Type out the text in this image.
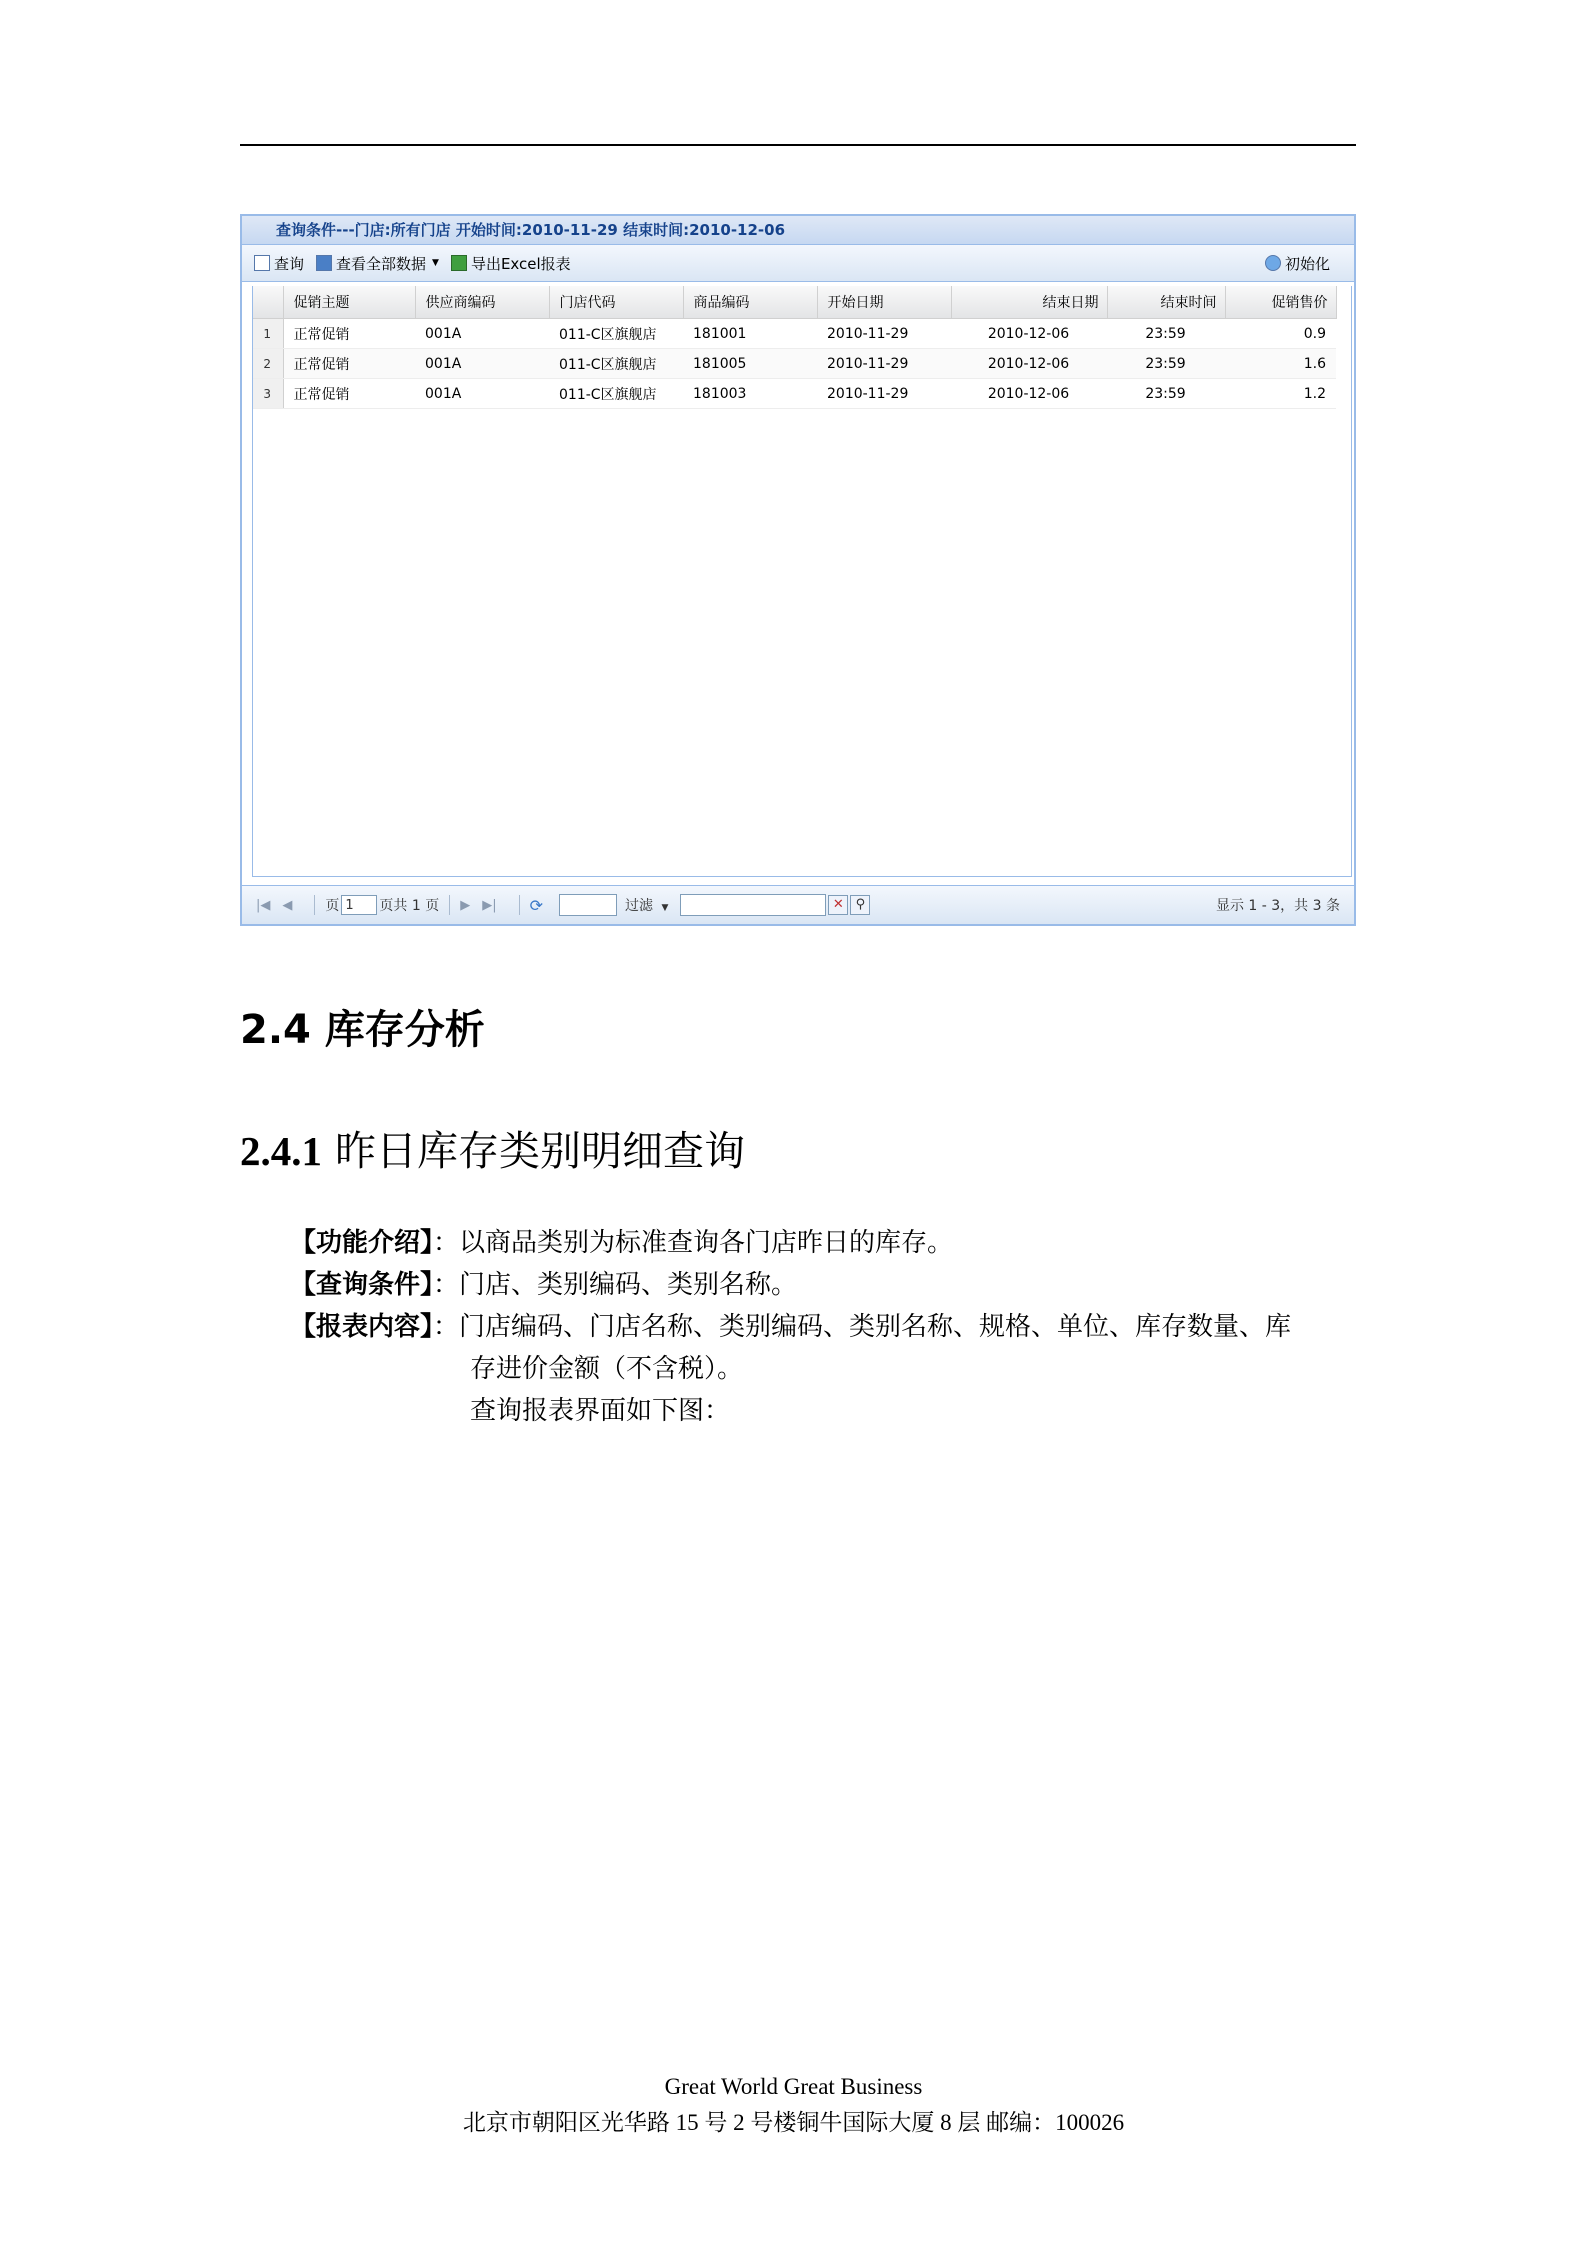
查询条件---门店:所有门店 开始时间:2010-11-29 结束时间:2010-12-06
查询 查看全部数据 ▼ 导出Excel报表	初始化
	促销主题	供应商编码	门店代码	商品编码	开始日期	结束日期	结束时间	促销售价
1	正常促销	001A	011-C区旗舰店	181001	2010-11-29	2010-12-06	23:59	0.9
2	正常促销	001A	011-C区旗舰店	181005	2010-11-29	2010-12-06	23:59	1.6
3	正常促销	001A	011-C区旗舰店	181003	2010-11-29	2010-12-06	23:59	1.2
|◀ ◀ 页 1	页共 1 页 ▶ ▶| ⟳	过滤 ▼	✕ ⚲	显示 1 - 3，共 3 条
2.4 库存分析
2.4.1 昨日库存类别明细查询
【功能介绍】：以商品类别为标准查询各门店昨日的库存。
【查询条件】：门店、类别编码、类别名称。
【报表内容】：门店编码、门店名称、类别编码、类别名称、规格、单位、库存数量、库
存进价金额（不含税）。
查询报表界面如下图：
Great World Great Business
北京市朝阳区光华路 15 号 2 号楼铜牛国际大厦 8 层 邮编：100026
